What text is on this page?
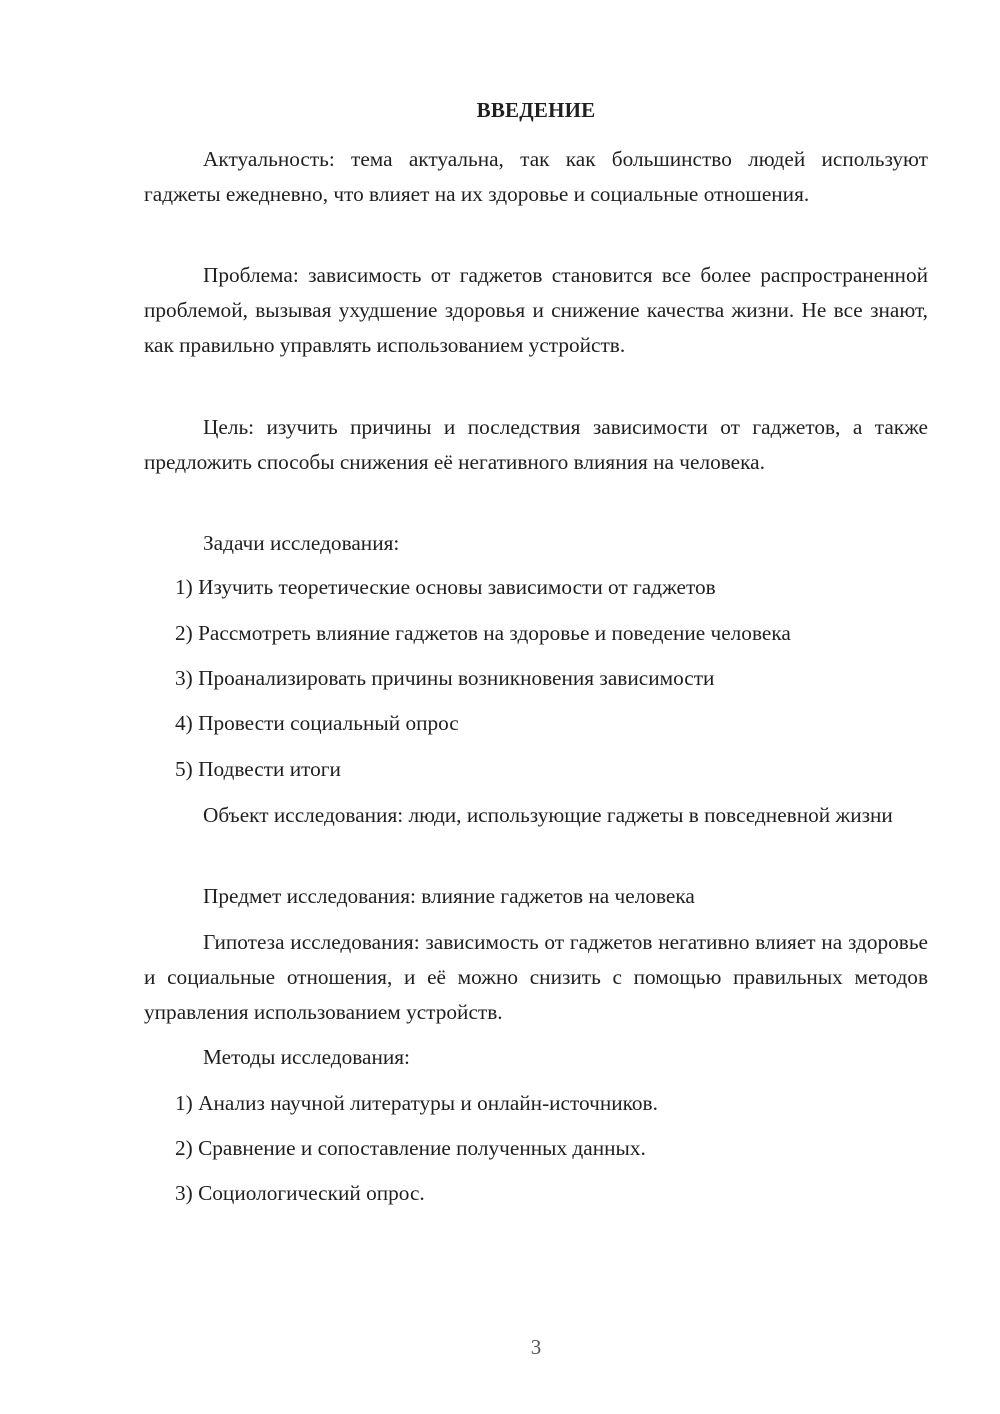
ВВЕДЕНИЕ

Актуальность: тема актуальна, так как большинство людей используют гаджеты ежедневно, что влияет на их здоровье и социальные отношения.

Проблема: зависимость от гаджетов становится все более распространенной проблемой, вызывая ухудшение здоровья и снижение качества жизни. Не все знают, как правильно управлять использованием устройств.

Цель: изучить причины и последствия зависимости от гаджетов, а также предложить способы снижения её негативного влияния на человека.

Задачи исследования:

1) Изучить теоретические основы зависимости от гаджетов

2) Рассмотреть влияние гаджетов на здоровье и поведение человека

3) Проанализировать причины возникновения зависимости

4) Провести социальный опрос

5) Подвести итоги

Объект исследования: люди, использующие гаджеты в повседневной жизни

Предмет исследования: влияние гаджетов на человека

Гипотеза исследования: зависимость от гаджетов негативно влияет на здоровье и социальные отношения, и её можно снизить с помощью правильных методов управления использованием устройств.

Методы исследования:

1) Анализ научной литературы и онлайн-источников.

2) Сравнение и сопоставление полученных данных.

3) Социологический опрос.

3
